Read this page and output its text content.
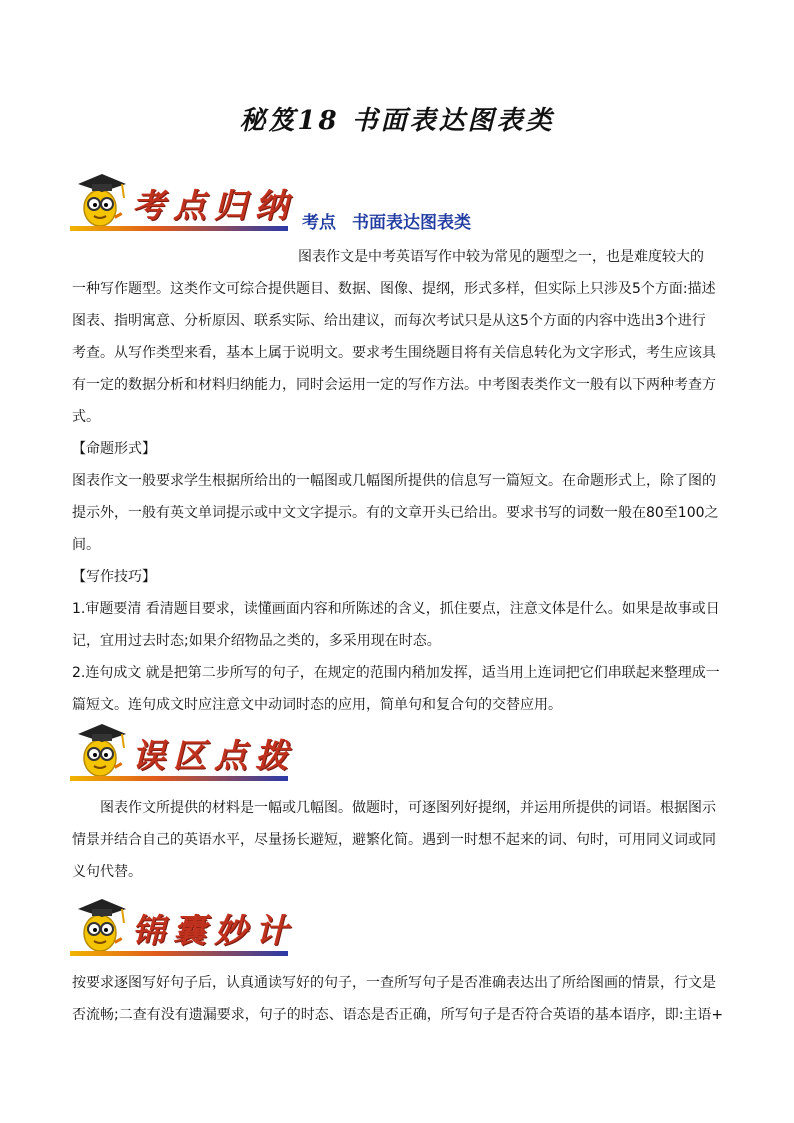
秘笈18 书面表达图表类
考点归纳 考点 书面表达图表类
图表作文是中考英语写作中较为常见的题型之一，也是难度较大的
一种写作题型。这类作文可综合提供题目、数据、图像、提纲，形式多样，但实际上只涉及5个方面:描述
图表、指明寓意、分析原因、联系实际、给出建议，而每次考试只是从这5个方面的内容中选出3个进行
考查。从写作类型来看，基本上属于说明文。要求考生围绕题目将有关信息转化为文字形式，考生应该具
有一定的数据分析和材料归纳能力，同时会运用一定的写作方法。中考图表类作文一般有以下两种考查方
式。
【命题形式】
图表作文一般要求学生根据所给出的一幅图或几幅图所提供的信息写一篇短文。在命题形式上，除了图的
提示外，一般有英文单词提示或中文文字提示。有的文章开头已给出。要求书写的词数一般在80至100之
间。
【写作技巧】
1.审题要清 看清题目要求，读懂画面内容和所陈述的含义，抓住要点，注意文体是什么。如果是故事或日
记，宜用过去时态;如果介绍物品之类的，多采用现在时态。
2.连句成文 就是把第二步所写的句子，在规定的范围内稍加发挥，适当用上连词把它们串联起来整理成一
篇短文。连句成文时应注意文中动词时态的应用，简单句和复合句的交替应用。
误区点拨
图表作文所提供的材料是一幅或几幅图。做题时，可逐图列好提纲，并运用所提供的词语。根据图示
情景并结合自己的英语水平，尽量扬长避短，避繁化简。遇到一时想不起来的词、句时，可用同义词或同
义句代替。
锦囊妙计
按要求逐图写好句子后，认真通读写好的句子，一查所写句子是否准确表达出了所给图画的情景，行文是
否流畅;二查有没有遗漏要求，句子的时态、语态是否正确，所写句子是否符合英语的基本语序，即:主语+
